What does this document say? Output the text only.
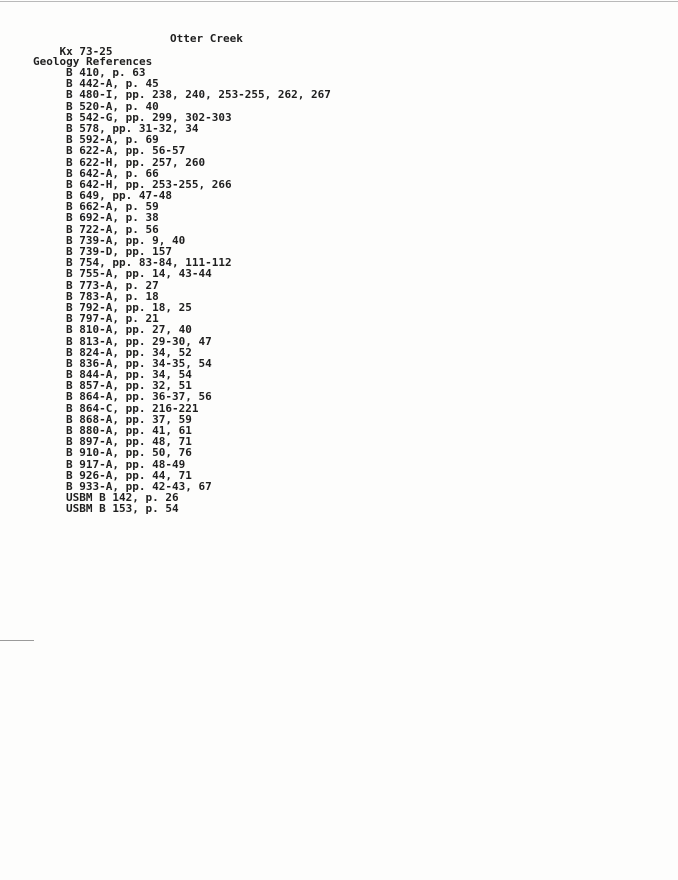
Kx 73-25

Otter Creek

Geology References
B 410, p. 63
B 442-A, p. 45
B 480-I, pp. 238, 240, 253-255, 262, 267
B 520-A, p. 40
B 542-G, pp. 299, 302-303
B 578, pp. 31-32, 34
B 592-A, p. 69
B 622-A, pp. 56-57
B 622-H, pp. 257, 260
B 642-A, p. 66
B 642-H, pp. 253-255, 266
B 649, pp. 47-48
B 662-A, p. 59
B 692-A, p. 38
B 722-A, p. 56
B 739-A, pp. 9, 40
B 739-D, pp. 157
B 754, pp. 83-84, 111-112
B 755-A, pp. 14, 43-44
B 773-A, p. 27
B 783-A, p. 18
B 792-A, pp. 18, 25
B 797-A, p. 21
B 810-A, pp. 27, 40
B 813-A, pp. 29-30, 47
B 824-A, pp. 34, 52
B 836-A, pp. 34-35, 54
B 844-A, pp. 34, 54
B 857-A, pp. 32, 51
B 864-A, pp. 36-37, 56
B 864-C, pp. 216-221
B 868-A, pp. 37, 59
B 880-A, pp. 41, 61
B 897-A, pp. 48, 71
B 910-A, pp. 50, 76
B 917-A, pp. 48-49
B 926-A, pp. 44, 71
B 933-A, pp. 42-43, 67
USBM B 142, p. 26
USBM B 153, p. 54
